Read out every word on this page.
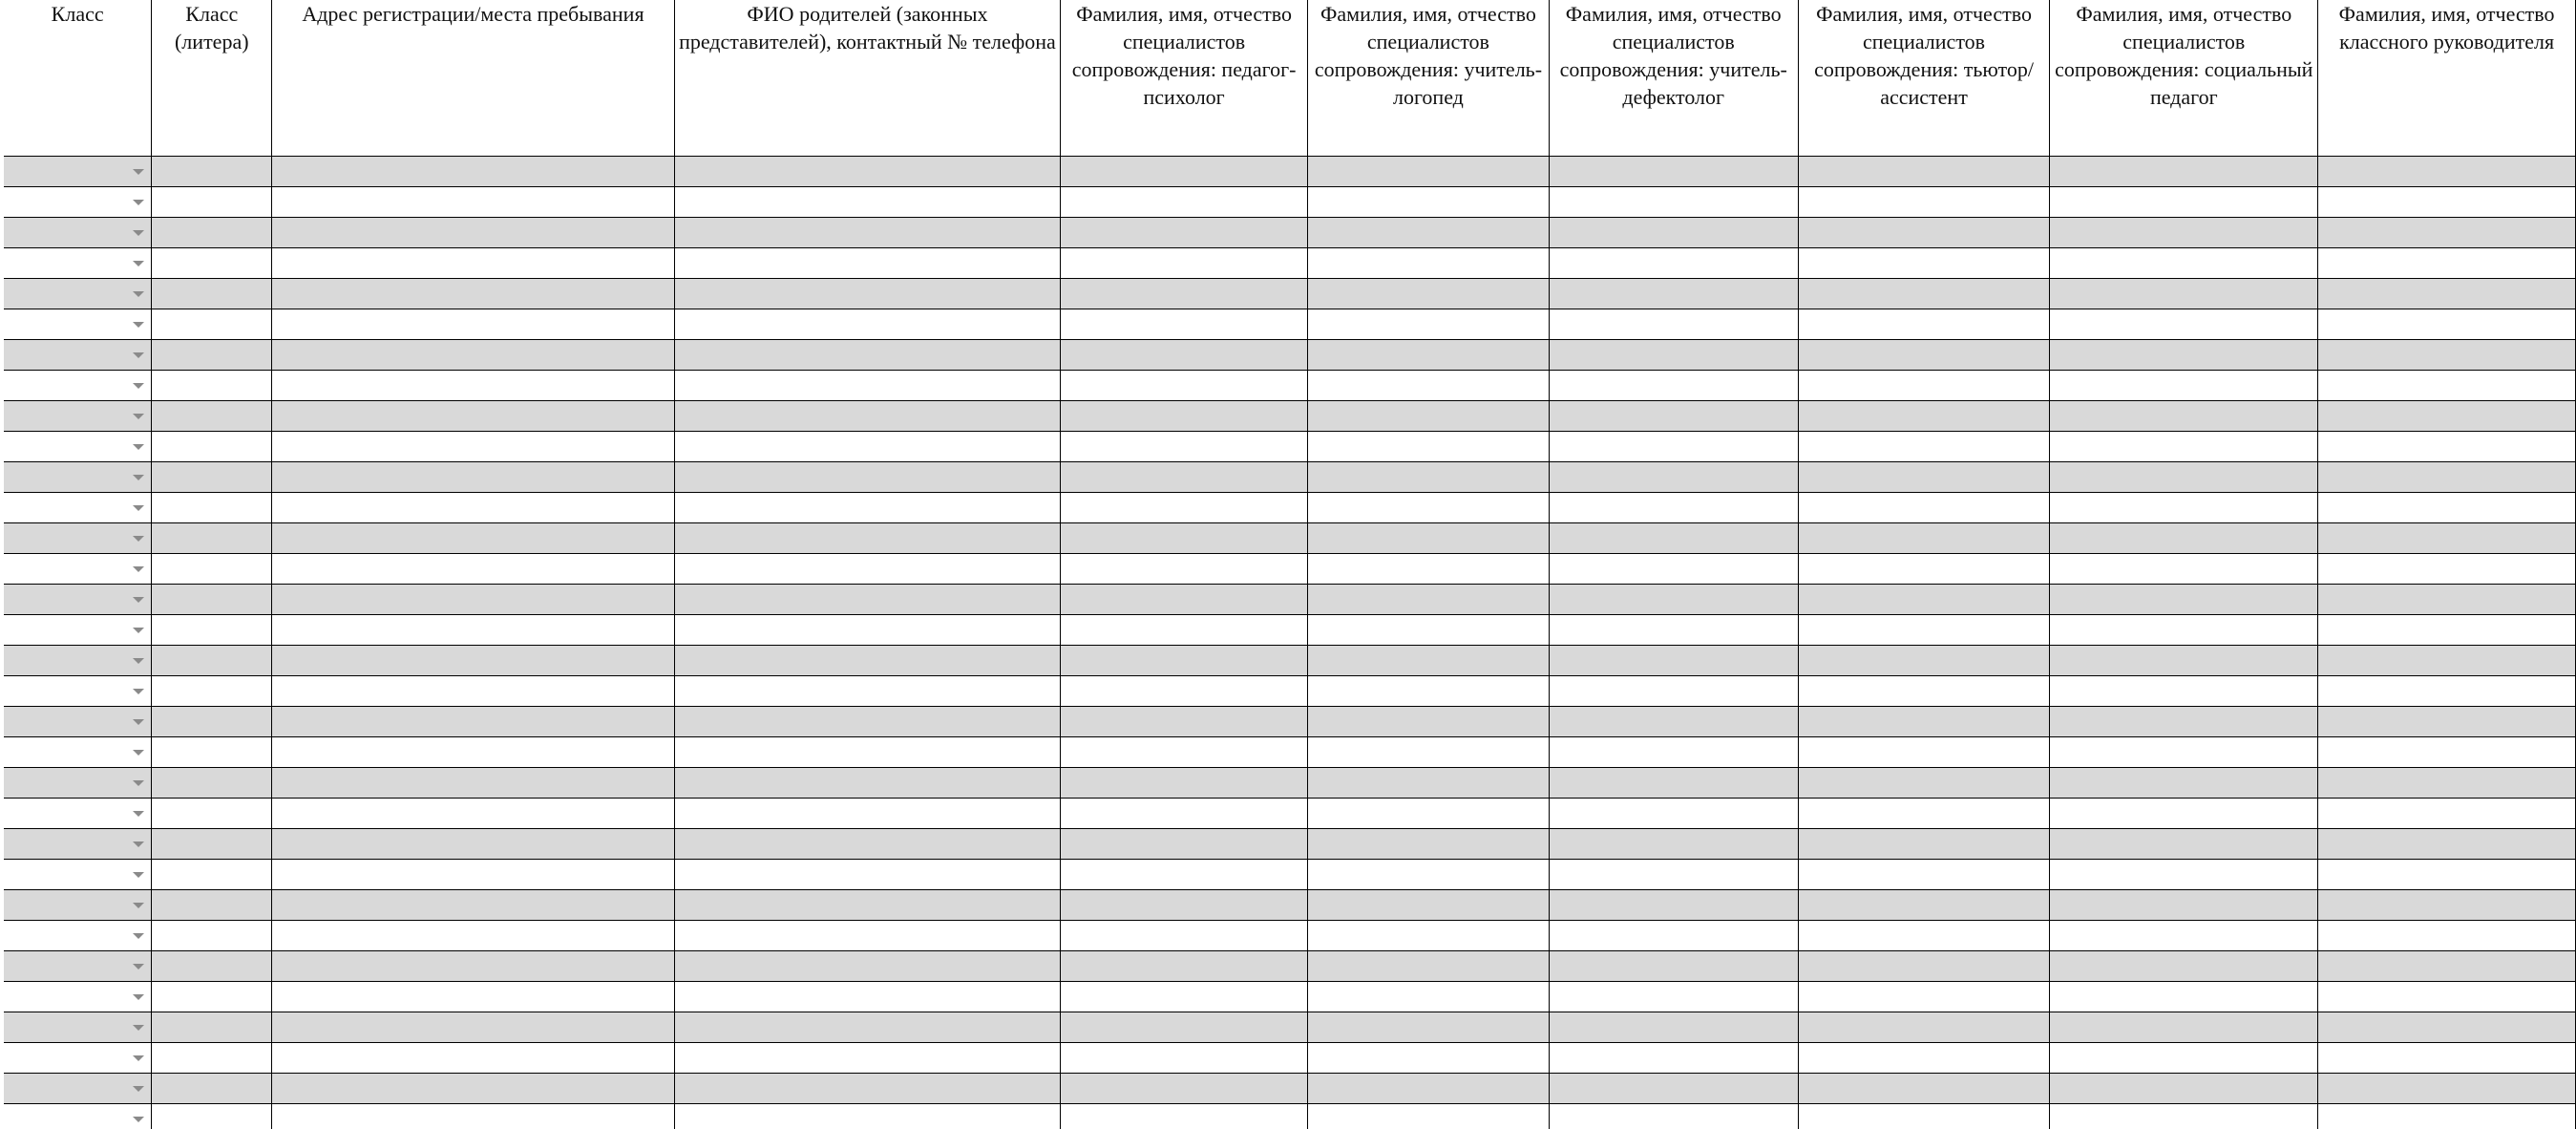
Класс	Класс (литера)	Адрес регистрации/места пребывания	ФИО родителей (законных представителей), контактный № телефона	Фамилия, имя, отчество специалистов сопровождения: педагог-психолог	Фамилия, имя, отчество специалистов сопровождения: учитель-логопед	Фамилия, имя, отчество специалистов сопровождения: учитель-дефектолог	Фамилия, имя, отчество специалистов сопровождения: тьютор/ассистент	Фамилия, имя, отчество специалистов сопровождения: социальный педагог	Фамилия, имя, отчество классного руководителя
